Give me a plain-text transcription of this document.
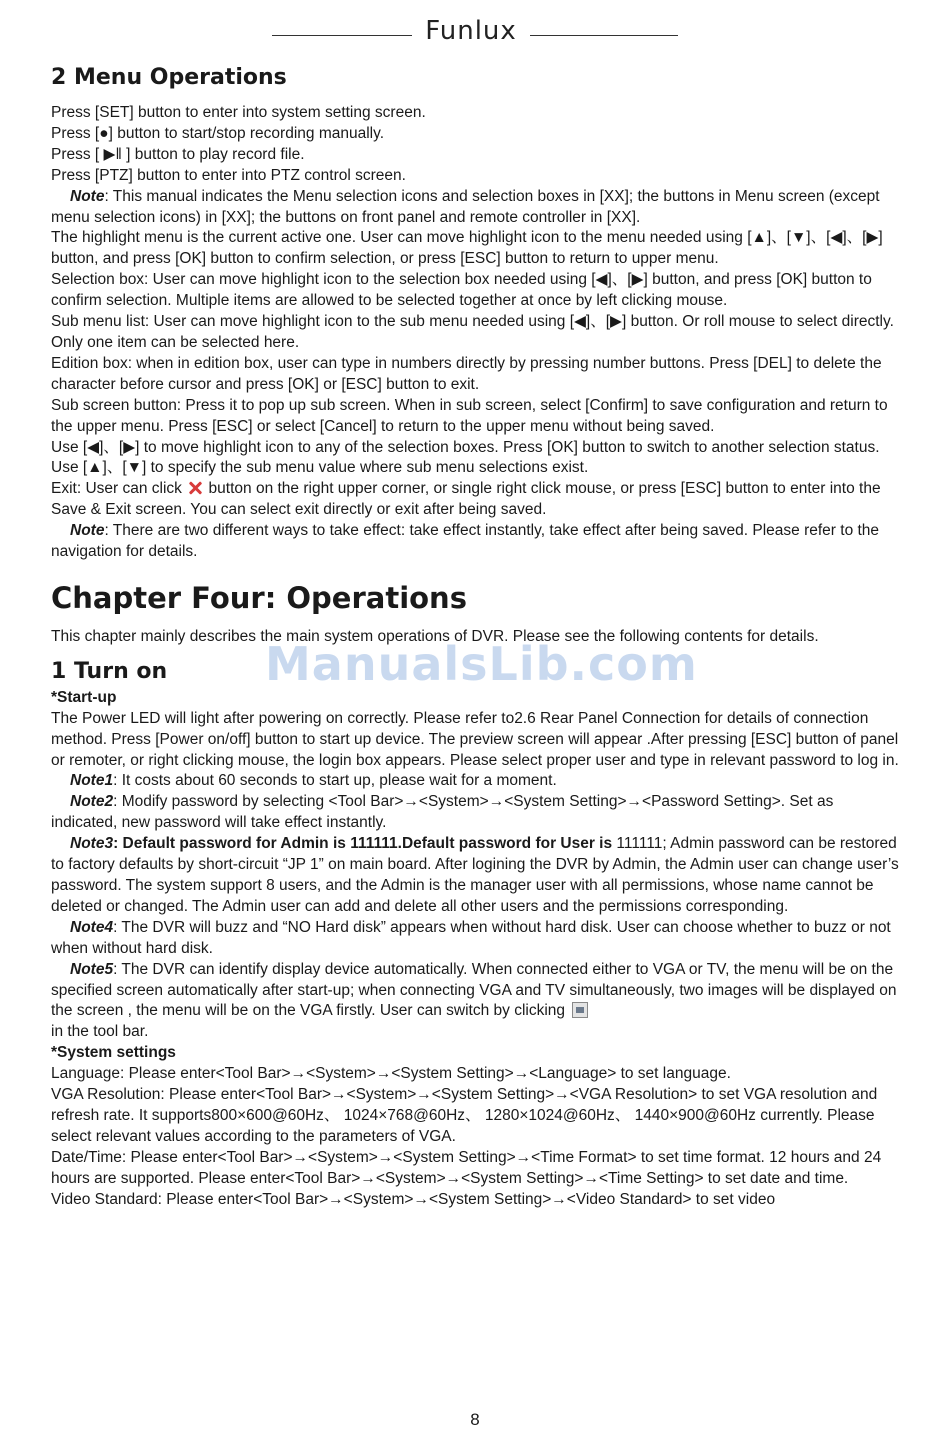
Funlux
2 Menu Operations

Press [SET] button to enter into system setting screen.

Press [●] button to start/stop recording manually.

Press [ ▶‖ ] button to play record file.

Press [PTZ] button to enter into PTZ control screen.

Note: This manual indicates the Menu selection icons and selection boxes in [XX]; the buttons in Menu screen (except menu selection icons) in [XX]; the buttons on front panel and remote controller in [XX].

The highlight menu is the current active one. User can move highlight icon to the menu needed using [▲]、[▼]、[◀]、[▶] button, and press [OK] button to confirm selection, or press [ESC] button to return to upper menu.

Selection box: User can move highlight icon to the selection box needed using [◀]、[▶] button, and press [OK] button to confirm selection. Multiple items are allowed to be selected together at once by left clicking mouse.

Sub menu list: User can move highlight icon to the sub menu needed using [◀]、[▶] button. Or roll mouse to select directly. Only one item can be selected here.

Edition box: when in edition box, user can type in numbers directly by pressing number buttons. Press [DEL] to delete the character before cursor and press [OK] or [ESC] button to exit.

Sub screen button: Press it to pop up sub screen. When in sub screen, select [Confirm] to save configuration and return to the upper menu. Press [ESC] or select [Cancel] to return to the upper menu without being saved.

Use [◀]、[▶] to move highlight icon to any of the selection boxes. Press [OK] button to switch to another selection status. Use [▲]、[▼] to specify the sub menu value where sub menu selections exist.

Exit: User can click button on the right upper corner, or single right click mouse, or press [ESC] button to enter into the Save & Exit screen. You can select exit directly or exit after being saved.

Note: There are two different ways to take effect: take effect instantly, take effect after being saved. Please refer to the navigation for details.

Chapter Four: Operations

This chapter mainly describes the main system operations of DVR. Please see the following contents for details.

1 Turn on

*Start-up

The Power LED will light after powering on correctly. Please refer to2.6 Rear Panel Connection for details of connection method. Press [Power on/off] button to start up device. The preview screen will appear .After pressing [ESC] button of panel or remoter, or right clicking mouse, the login box appears. Please select proper user and type in relevant password to log in.

Note1: It costs about 60 seconds to start up, please wait for a moment.

Note2: Modify password by selecting <Tool Bar>→<System>→<System Setting>→<Password Setting>. Set as indicated, new password will take effect instantly.

Note3: Default password for Admin is 111111.Default password for User is 111111; Admin password can be restored to factory defaults by short-circuit “JP 1” on main board. After logining the DVR by Admin, the Admin user can change user’s password. The system support 8 users, and the Admin is the manager user with all permissions, whose name cannot be deleted or changed. The Admin user can add and delete all other users and the permissions corresponding.

Note4: The DVR will buzz and “NO Hard disk” appears when without hard disk. User can choose whether to buzz or not when without hard disk.

Note5: The DVR can identify display device automatically. When connected either to VGA or TV, the menu will be on the specified screen automatically after start-up; when connecting VGA and TV simultaneously, two images will be displayed on the screen , the menu will be on the VGA firstly. User can switch by clicking
in the tool bar.

*System settings

Language: Please enter<Tool Bar>→<System>→<System Setting>→<Language> to set language.

VGA Resolution: Please enter<Tool Bar>→<System>→<System Setting>→<VGA Resolution> to set VGA resolution and refresh rate. It supports800×600@60Hz、 1024×768@60Hz、 1280×1024@60Hz、 1440×900@60Hz currently. Please select relevant values according to the parameters of VGA.

Date/Time: Please enter<Tool Bar>→<System>→<System Setting>→<Time Format> to set time format. 12 hours and 24 hours are supported. Please enter<Tool Bar>→<System>→<System Setting>→<Time Setting> to set date and time.

Video Standard: Please enter<Tool Bar>→<System>→<System Setting>→<Video Standard> to set video

ManualsLib.com
8
